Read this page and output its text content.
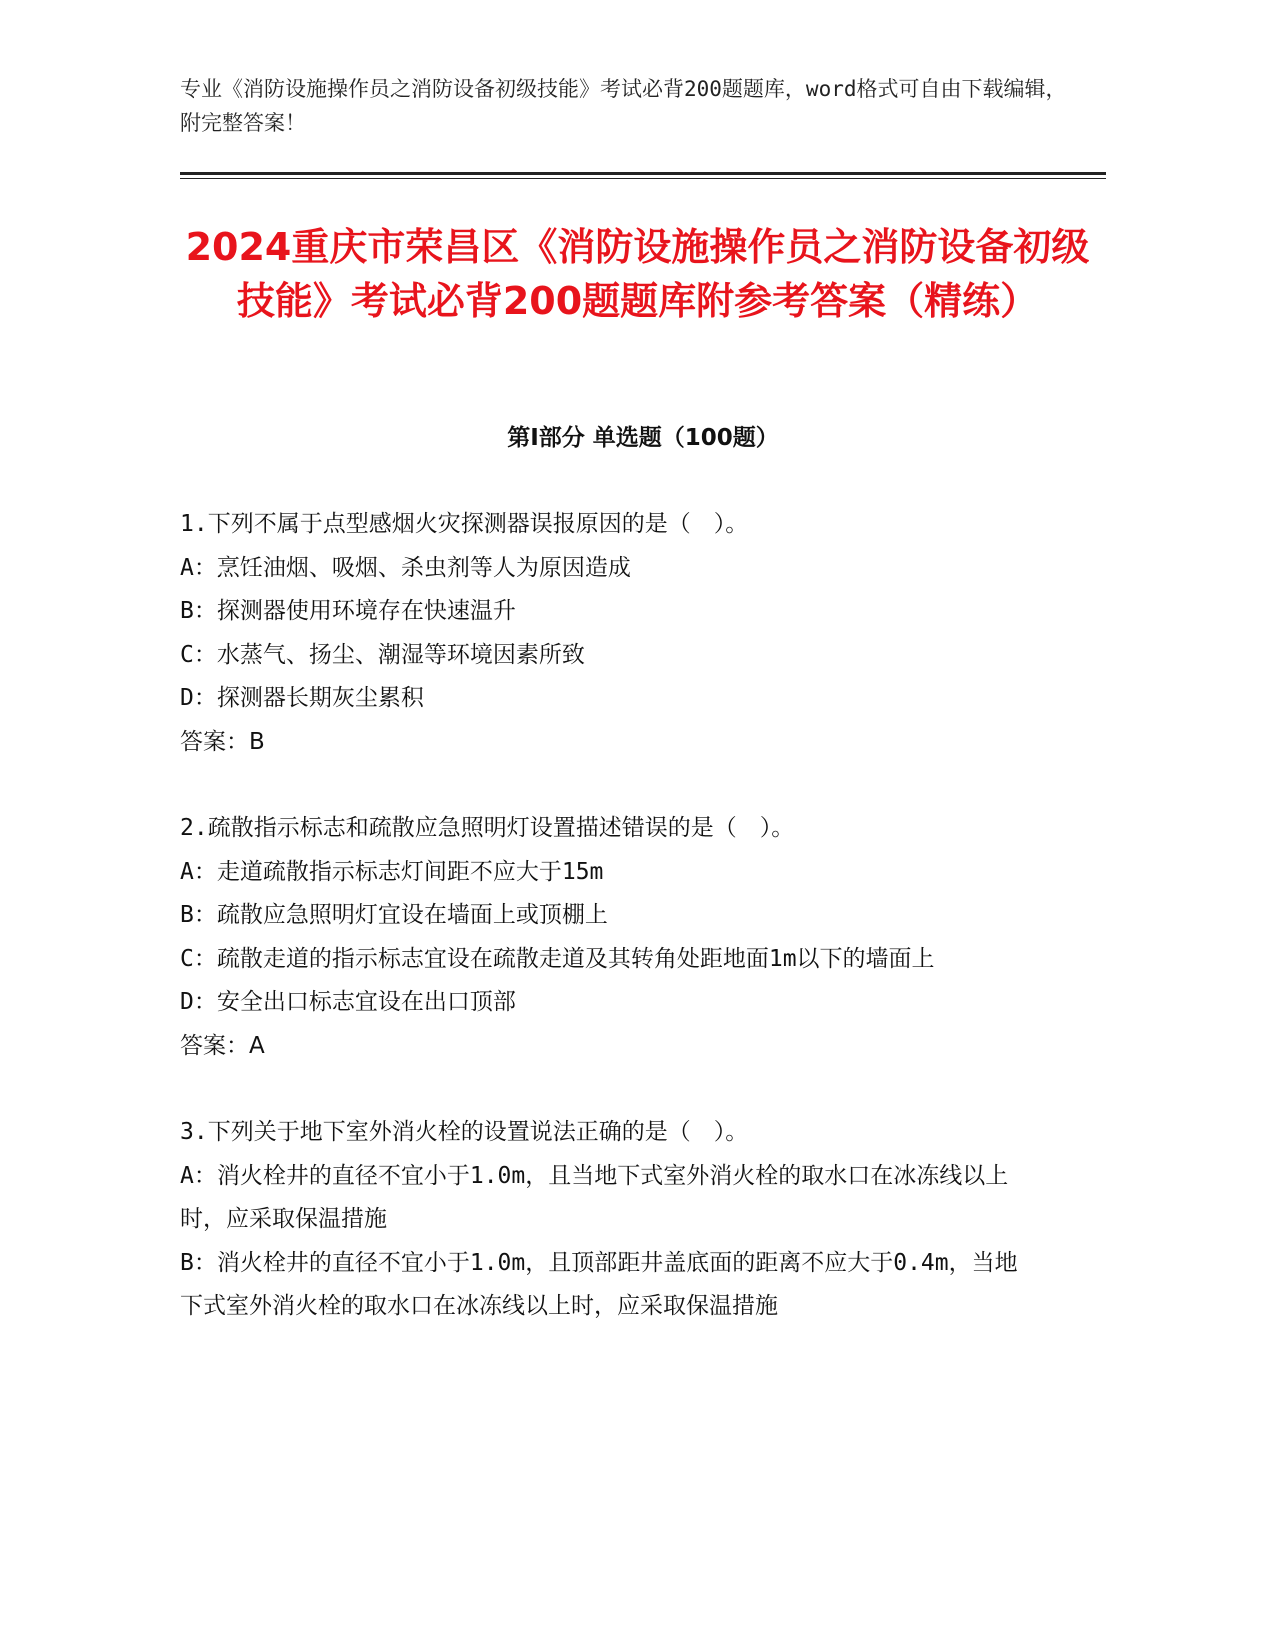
专业《消防设施操作员之消防设备初级技能》考试必背200题题库，word格式可自由下载编辑，附完整答案！
2024重庆市荣昌区《消防设施操作员之消防设备初级技能》考试必背200题题库附参考答案（精练）
第Ⅰ部分 单选题（100题）

1.下列不属于点型感烟火灾探测器误报原因的是（　）。

A：烹饪油烟、吸烟、杀虫剂等人为原因造成

B：探测器使用环境存在快速温升

C：水蒸气、扬尘、潮湿等环境因素所致

D：探测器长期灰尘累积

答案：B

2.疏散指示标志和疏散应急照明灯设置描述错误的是（　）。

A：走道疏散指示标志灯间距不应大于15m

B：疏散应急照明灯宜设在墙面上或顶棚上

C：疏散走道的指示标志宜设在疏散走道及其转角处距地面1m以下的墙面上

D：安全出口标志宜设在出口顶部

答案：A

3.下列关于地下室外消火栓的设置说法正确的是（　）。

A：消火栓井的直径不宜小于1.0m，且当地下式室外消火栓的取水口在冰冻线以上时，应采取保温措施

B：消火栓井的直径不宜小于1.0m，且顶部距井盖底面的距离不应大于0.4m，当地下式室外消火栓的取水口在冰冻线以上时，应采取保温措施
